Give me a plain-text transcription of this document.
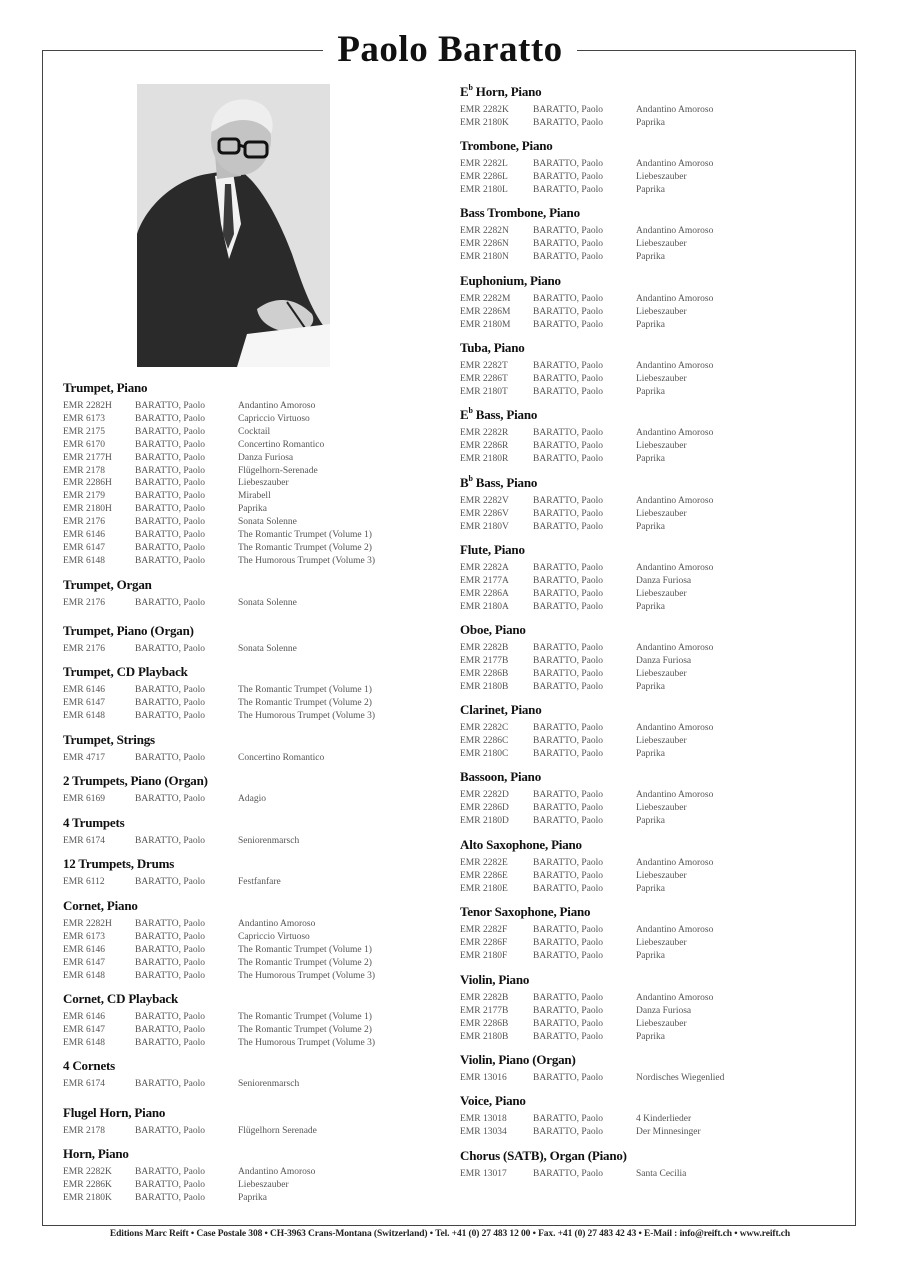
Paolo Baratto
Trumpet, Piano
EMR 2282H	BARATTO, Paolo	Andantino Amoroso
EMR 6173	BARATTO, Paolo	Capriccio Virtuoso
EMR 2175	BARATTO, Paolo	Cocktail
EMR 6170	BARATTO, Paolo	Concertino Romantico
EMR 2177H	BARATTO, Paolo	Danza Furiosa
EMR 2178	BARATTO, Paolo	Flügelhorn-Serenade
EMR 2286H	BARATTO, Paolo	Liebeszauber
EMR 2179	BARATTO, Paolo	Mirabell
EMR 2180H	BARATTO, Paolo	Paprika
EMR 2176	BARATTO, Paolo	Sonata Solenne
EMR 6146	BARATTO, Paolo	The Romantic Trumpet (Volume 1)
EMR 6147	BARATTO, Paolo	The Romantic Trumpet (Volume 2)
EMR 6148	BARATTO, Paolo	The Humorous Trumpet (Volume 3)
Trumpet, Organ
EMR 2176	BARATTO, Paolo	Sonata Solenne
Trumpet, Piano (Organ)
EMR 2176	BARATTO, Paolo	Sonata Solenne
Trumpet, CD Playback
EMR 6146	BARATTO, Paolo	The Romantic Trumpet (Volume 1)
EMR 6147	BARATTO, Paolo	The Romantic Trumpet (Volume 2)
EMR 6148	BARATTO, Paolo	The Humorous Trumpet (Volume 3)
Trumpet, Strings
EMR 4717	BARATTO, Paolo	Concertino Romantico
2 Trumpets, Piano (Organ)
EMR 6169	BARATTO, Paolo	Adagio
4 Trumpets
EMR 6174	BARATTO, Paolo	Seniorenmarsch
12 Trumpets, Drums
EMR 6112	BARATTO, Paolo	Festfanfare
Cornet, Piano
EMR 2282H	BARATTO, Paolo	Andantino Amoroso
EMR 6173	BARATTO, Paolo	Capriccio Virtuoso
EMR 6146	BARATTO, Paolo	The Romantic Trumpet (Volume 1)
EMR 6147	BARATTO, Paolo	The Romantic Trumpet (Volume 2)
EMR 6148	BARATTO, Paolo	The Humorous Trumpet (Volume 3)
Cornet, CD Playback
EMR 6146	BARATTO, Paolo	The Romantic Trumpet (Volume 1)
EMR 6147	BARATTO, Paolo	The Romantic Trumpet (Volume 2)
EMR 6148	BARATTO, Paolo	The Humorous Trumpet (Volume 3)
4 Cornets
EMR 6174	BARATTO, Paolo	Seniorenmarsch
Flugel Horn, Piano
EMR 2178	BARATTO, Paolo	Flügelhorn Serenade
Horn, Piano
EMR 2282K	BARATTO, Paolo	Andantino Amoroso
EMR 2286K	BARATTO, Paolo	Liebeszauber
EMR 2180K	BARATTO, Paolo	Paprika
$E^b$ Horn, Piano
EMR 2282K	BARATTO, Paolo	Andantino Amoroso
EMR 2180K	BARATTO, Paolo	Paprika
Trombone, Piano
EMR 2282L	BARATTO, Paolo	Andantino Amoroso
EMR 2286L	BARATTO, Paolo	Liebeszauber
EMR 2180L	BARATTO, Paolo	Paprika
Bass Trombone, Piano
EMR 2282N	BARATTO, Paolo	Andantino Amoroso
EMR 2286N	BARATTO, Paolo	Liebeszauber
EMR 2180N	BARATTO, Paolo	Paprika
Euphonium, Piano
EMR 2282M	BARATTO, Paolo	Andantino Amoroso
EMR 2286M	BARATTO, Paolo	Liebeszauber
EMR 2180M	BARATTO, Paolo	Paprika
Tuba, Piano
EMR 2282T	BARATTO, Paolo	Andantino Amoroso
EMR 2286T	BARATTO, Paolo	Liebeszauber
EMR 2180T	BARATTO, Paolo	Paprika
$E^b$ Bass, Piano
EMR 2282R	BARATTO, Paolo	Andantino Amoroso
EMR 2286R	BARATTO, Paolo	Liebeszauber
EMR 2180R	BARATTO, Paolo	Paprika
$B^b$ Bass, Piano
EMR 2282V	BARATTO, Paolo	Andantino Amoroso
EMR 2286V	BARATTO, Paolo	Liebeszauber
EMR 2180V	BARATTO, Paolo	Paprika
Flute, Piano
EMR 2282A	BARATTO, Paolo	Andantino Amoroso
EMR 2177A	BARATTO, Paolo	Danza Furiosa
EMR 2286A	BARATTO, Paolo	Liebeszauber
EMR 2180A	BARATTO, Paolo	Paprika
Oboe, Piano
EMR 2282B	BARATTO, Paolo	Andantino Amoroso
EMR 2177B	BARATTO, Paolo	Danza Furiosa
EMR 2286B	BARATTO, Paolo	Liebeszauber
EMR 2180B	BARATTO, Paolo	Paprika
Clarinet, Piano
EMR 2282C	BARATTO, Paolo	Andantino Amoroso
EMR 2286C	BARATTO, Paolo	Liebeszauber
EMR 2180C	BARATTO, Paolo	Paprika
Bassoon, Piano
EMR 2282D	BARATTO, Paolo	Andantino Amoroso
EMR 2286D	BARATTO, Paolo	Liebeszauber
EMR 2180D	BARATTO, Paolo	Paprika
Alto Saxophone, Piano
EMR 2282E	BARATTO, Paolo	Andantino Amoroso
EMR 2286E	BARATTO, Paolo	Liebeszauber
EMR 2180E	BARATTO, Paolo	Paprika
Tenor Saxophone, Piano
EMR 2282F	BARATTO, Paolo	Andantino Amoroso
EMR 2286F	BARATTO, Paolo	Liebeszauber
EMR 2180F	BARATTO, Paolo	Paprika
Violin, Piano
EMR 2282B	BARATTO, Paolo	Andantino Amoroso
EMR 2177B	BARATTO, Paolo	Danza Furiosa
EMR 2286B	BARATTO, Paolo	Liebeszauber
EMR 2180B	BARATTO, Paolo	Paprika
Violin, Piano (Organ)
EMR 13016	BARATTO, Paolo	Nordisches Wiegenlied
Voice, Piano
EMR 13018	BARATTO, Paolo	4 Kinderlieder
EMR 13034	BARATTO, Paolo	Der Minnesinger
Chorus (SATB), Organ (Piano)
EMR 13017	BARATTO, Paolo	Santa Cecilia
Editions Marc Reift • Case Postale 308 • CH-3963 Crans-Montana (Switzerland) • Tel. +41 (0) 27 483 12 00 • Fax. +41 (0) 27 483 42 43 • E-Mail : info@reift.ch • www.reift.ch
